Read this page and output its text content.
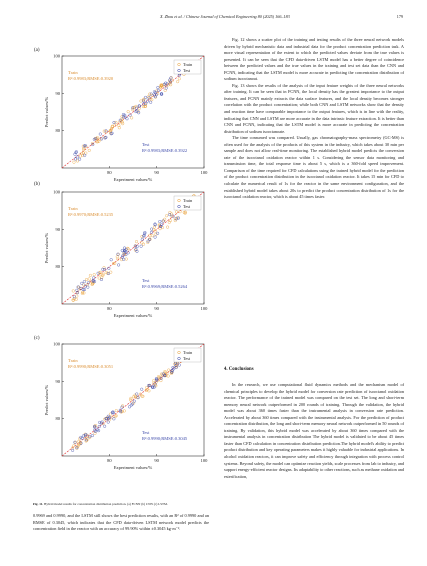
X. Zhou et al. / Chinese Journal of Chemical Engineering 80 (2025) 166–183	179
(a)
(b)
(c)
80	90	100
80
90
100
Experiment values/%
Predict values/%
Train
Test
Train
R²:0.9983;RMSE:0.3920
Test
R²:0.9983;RMSE:0.3922
80	90	100
80
90
100
Experiment values/%
Predict values/%
Train
Test
Train
R²:0.9970;RMSE:0.5235
Test
R²:0.9969;RMSE:0.5264
80	90	100
80
90
100
Experiment values/%
Predict values/%
Train
Test
Train
R²:0.9990;RMSE:0.3051
Test
R²:0.9990;RMSE:0.3045
Fig. 11. Hybrid model results for concentration distribution prediction. (a) FCNN (b) CNN (c) LSTM.
0.9969 and 0.9990, and the LSTM still shows the best prediction results, with an R² of 0.9990 and an RMSE of 0.3045, which indicates that the CFD data-driven LSTM network model predicts the concentration field in the reactor with an accuracy of 99.90% within ±0.3045 kg·m⁻³.

Fig. 12 shows a scatter plot of the training and testing results of the three neural network models driven by hybrid mechanistic data and industrial data for the product concentration prediction task. A more visual representation of the extent to which the predicted values deviate from the true values is presented. It can be seen that the CFD data-driven LSTM model has a better degree of coincidence between the predicted values and the true values in the training and test set data than the CNN and FCNN, indicating that the LSTM model is more accurate in predicting the concentration distribution of sodium isooctanoat.

Fig. 13 shows the results of the analysis of the input feature weights of the three neural networks after training. It can be seen that in FCNN, the local density has the greatest importance to the output features, and FCNN mainly extracts the data surface features, and the local density becomes stronger correlation with the product concentration; while both CNN and LSTM networks show that the density and reaction time have comparable importance to the output features, which is in line with the reality, indicating that CNN and LSTM are more accurate in the data intrinsic feature extraction. It is better than CNN and FCNN, indicating that the LSTM model is more accurate in predicting the concentration distribution of sodium isooctanoate.

The time consumed was compared. Usually, gas chromatography-mass spectrometry (GC-MS) is often used for the analysis of the products of this system in the industry, which takes about 30 min per sample and does not allow real-time monitoring. The established hybrid model predicts the conversion rate of the isooctanol oxidation reactor within 1 s. Considering the sensor data monitoring and transmission time, the total response time is about 5 s, which is a 360-fold speed improvement. Comparison of the time required for CFD calculations using the trained hybrid model for the prediction of the product concentration distribution in the isooctanol oxidation reactor. It takes 15 min for CFD to calculate the numerical result of 1s for the reactor in the same environment configuration, and the established hybrid model takes about 20s to predict the product concentration distribution of 1s for the isooctanol oxidation reactor, which is about 45 times faster.

4. Conclusions

In the research, we use computational fluid dynamics methods and the mechanism model of chemical principles to develop the hybrid model for conversion rate prediction of isooctanol oxidation reactor. The performance of the trained model was compared on the test set. The long and short-term memory neural network outperformed in 200 rounds of training. Through the validation, the hybrid model was about 360 times faster than the instrumental analysis in conversion rate prediction. Accelerated by about 360 times compared with the instrumental analysis. For the prediction of product concentration distribution, the long and short-term memory neural network outperformed in 50 rounds of training. By validation, this hybrid model was accelerated by about 360 times compared with the instrumental analysis in concentration distribution The hybrid model is validated to be about 45 times faster than CFD calculation in concentration distribution prediction.The hybrid model's ability to predict product distribution and key operating parameters makes it highly valuable for industrial applications. In alcohol oxidation reactors, it can improve safety and efficiency through integration with process control systems. Beyond safety, the model can optimize reaction yields, scale processes from lab to industry, and support energy-efficient reactor designs. Its adaptability to other reactions, such as methane oxidation and esterification,
